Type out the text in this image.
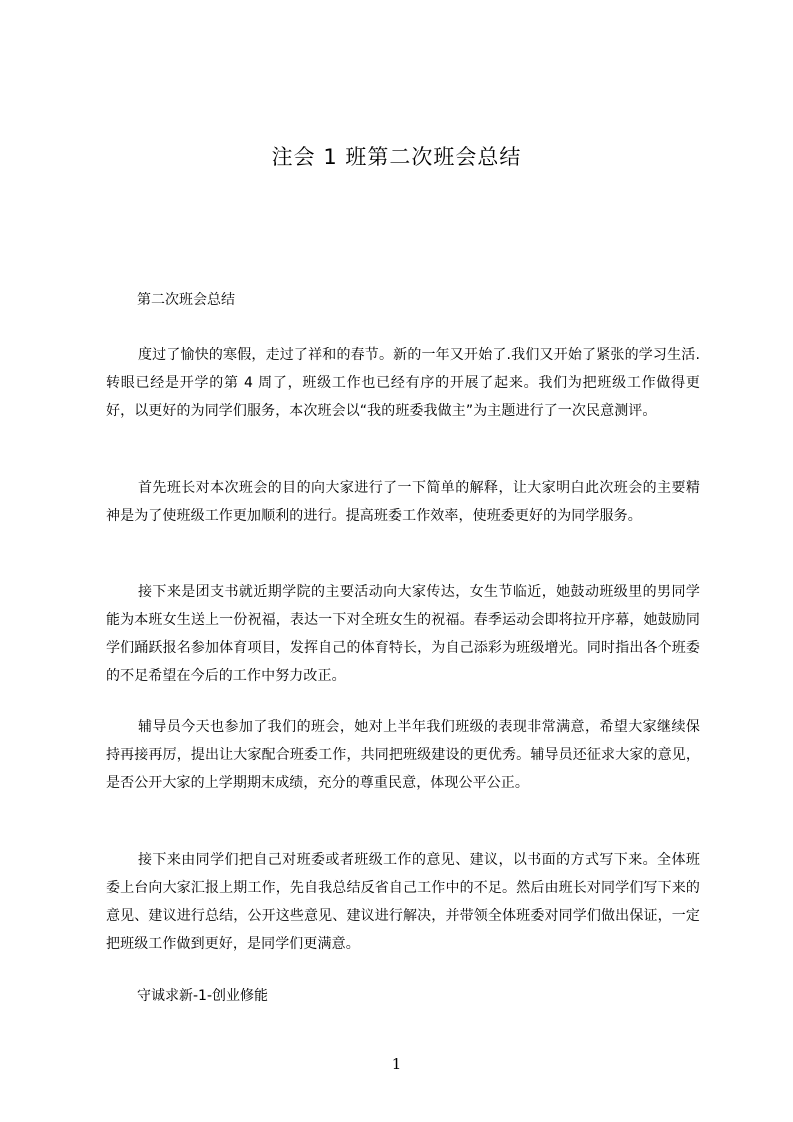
注会 1 班第二次班会总结

第二次班会总结

度过了愉快的寒假，走过了祥和的春节。新的一年又开始了.我们又开始了紧张的学习生活.转眼已经是开学的第 4 周了，班级工作也已经有序的开展了起来。我们为把班级工作做得更好，以更好的为同学们服务，本次班会以“我的班委我做主”为主题进行了一次民意测评。

首先班长对本次班会的目的向大家进行了一下简单的解释，让大家明白此次班会的主要精神是为了使班级工作更加顺利的进行。提高班委工作效率，使班委更好的为同学服务。

接下来是团支书就近期学院的主要活动向大家传达，女生节临近，她鼓动班级里的男同学能为本班女生送上一份祝福，表达一下对全班女生的祝福。春季运动会即将拉开序幕，她鼓励同学们踊跃报名参加体育项目，发挥自己的体育特长，为自己添彩为班级增光。同时指出各个班委的不足希望在今后的工作中努力改正。

辅导员今天也参加了我们的班会，她对上半年我们班级的表现非常满意，希望大家继续保持再接再厉，提出让大家配合班委工作，共同把班级建设的更优秀。辅导员还征求大家的意见，是否公开大家的上学期期末成绩，充分的尊重民意，体现公平公正。

接下来由同学们把自己对班委或者班级工作的意见、建议，以书面的方式写下来。全体班委上台向大家汇报上期工作，先自我总结反省自己工作中的不足。然后由班长对同学们写下来的意见、建议进行总结，公开这些意见、建议进行解决，并带领全体班委对同学们做出保证，一定把班级工作做到更好，是同学们更满意。

守诚求新-1-创业修能

1
